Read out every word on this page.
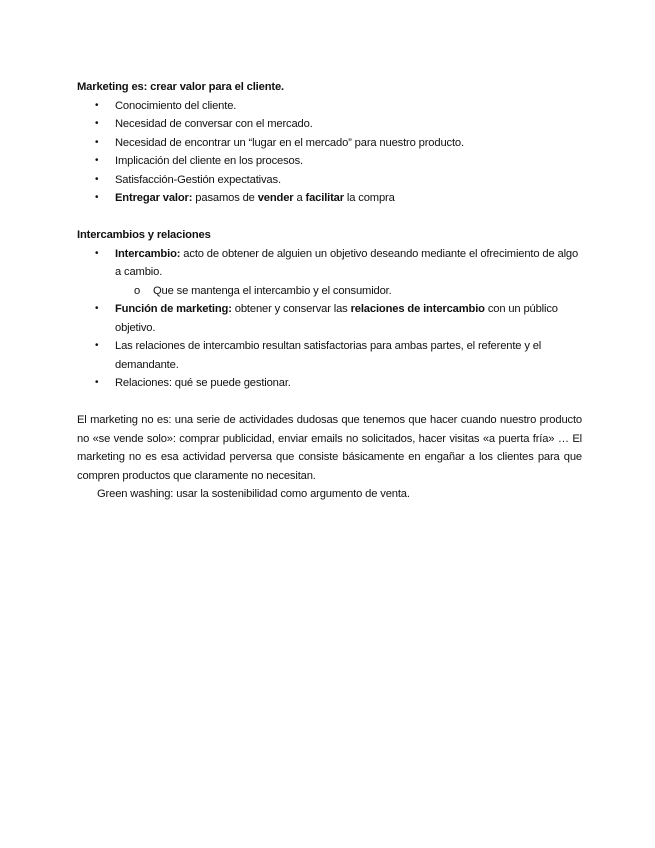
Marketing es: crear valor para el cliente.
• Conocimiento del cliente.
• Necesidad de conversar con el mercado.
• Necesidad de encontrar un “lugar en el mercado” para nuestro producto.
• Implicación del cliente en los procesos.
• Satisfacción-Gestión expectativas.
• Entregar valor: pasamos de vender a facilitar la compra
Intercambios y relaciones
• Intercambio: acto de obtener de alguien un objetivo deseando mediante el ofrecimiento de algo a cambio.
o Que se mantenga el intercambio y el consumidor.
• Función de marketing: obtener y conservar las relaciones de intercambio con un público objetivo.
• Las relaciones de intercambio resultan satisfactorias para ambas partes, el referente y el demandante.
• Relaciones: qué se puede gestionar.

El marketing no es: una serie de actividades dudosas que tenemos que hacer cuando nuestro producto no «se vende solo»: comprar publicidad, enviar emails no solicitados, hacer visitas «a puerta fría» … El marketing no es esa actividad perversa que consiste básicamente en engañar a los clientes para que compren productos que claramente no necesitan.

Green washing: usar la sostenibilidad como argumento de venta.
